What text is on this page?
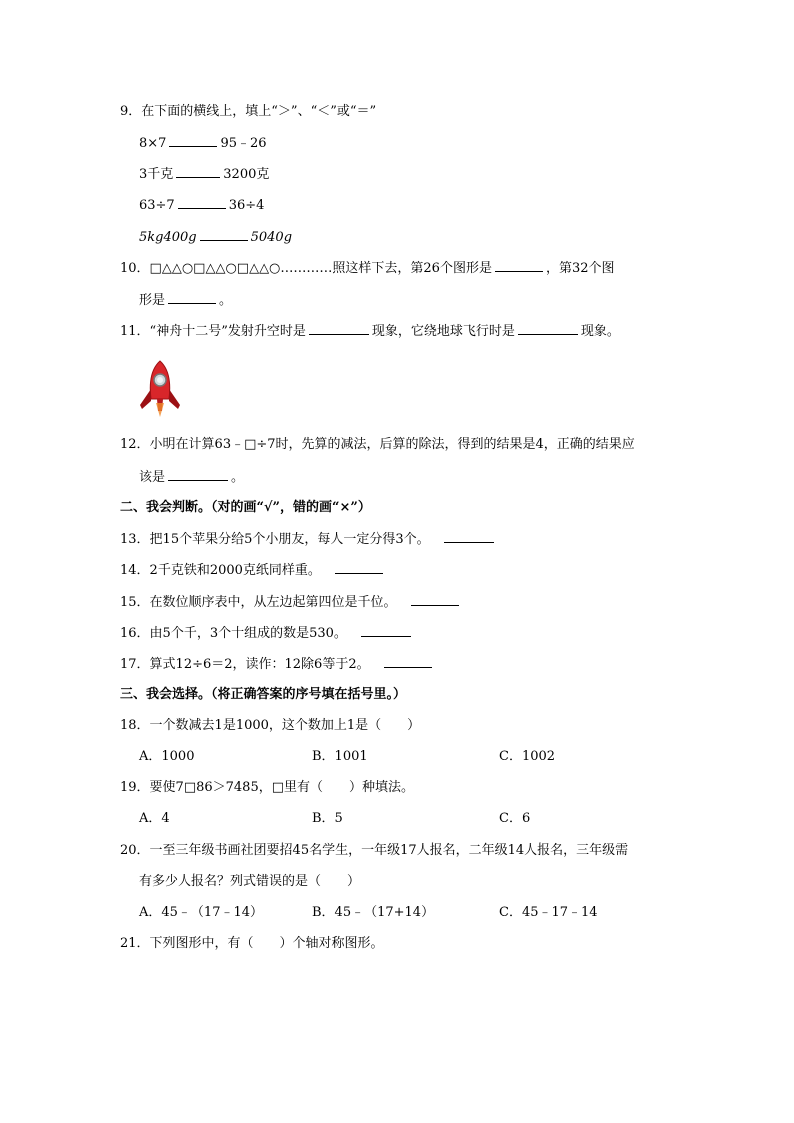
9．在下面的横线上，填上“＞”、“＜”或“＝”
8×7	95﹣26
3千克	3200克
63÷7	36÷4
5kg400g	5040g
10．□△△○□△△○□△△○…………照这样下去，第26个图形是	，第32个图
形是	。
11．“神舟十二号”发射升空时是	现象，它绕地球飞行时是	现象。
12．小明在计算63﹣□÷7时，先算的减法，后算的除法，得到的结果是4，正确的结果应
该是	。
二、我会判断。（对的画“√”，错的画“×”）
13．把15个苹果分给5个小朋友，每人一定分得3个。
14．2千克铁和2000克纸同样重。
15．在数位顺序表中，从左边起第四位是千位。
16．由5个千，3个十组成的数是530。
17．算式12÷6＝2，读作：12除6等于2。
三、我会选择。（将正确答案的序号填在括号里。）
18．一个数减去1是1000，这个数加上1是（　　）
A．1000	B．1001	C．1002
19．要使7□86＞7485，□里有（　　）种填法。
A．4	B．5	C．6
20．一至三年级书画社团要招45名学生，一年级17人报名，二年级14人报名，三年级需
有多少人报名？列式错误的是（　　）
A．45﹣（17﹣14）	B．45﹣（17+14）	C．45﹣17﹣14
21．下列图形中，有（　　）个轴对称图形。
